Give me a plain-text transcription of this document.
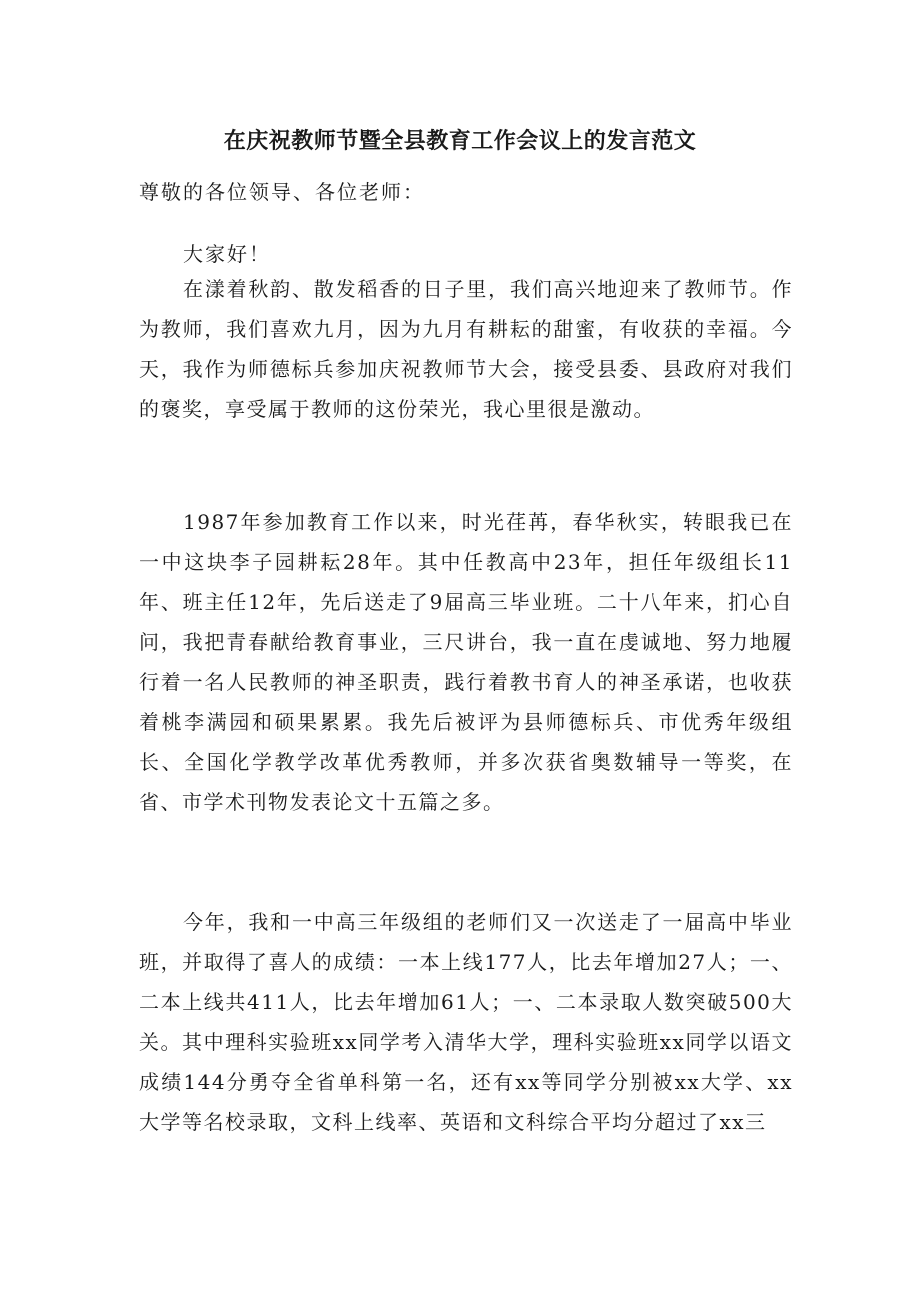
在庆祝教师节暨全县教育工作会议上的发言范文

尊敬的各位领导、各位老师：

大家好！

在漾着秋韵、散发稻香的日子里，我们高兴地迎来了教师节。作为教师，我们喜欢九月，因为九月有耕耘的甜蜜，有收获的幸福。今天，我作为师德标兵参加庆祝教师节大会，接受县委、县政府对我们的褒奖，享受属于教师的这份荣光，我心里很是激动。

1987年参加教育工作以来，时光荏苒，春华秋实，转眼我已在一中这块李子园耕耘28年。其中任教高中23年，担任年级组长11年、班主任12年，先后送走了9届高三毕业班。二十八年来，扪心自问，我把青春献给教育事业，三尺讲台，我一直在虔诚地、努力地履行着一名人民教师的神圣职责，践行着教书育人的神圣承诺，也收获着桃李满园和硕果累累。我先后被评为县师德标兵、市优秀年级组长、全国化学教学改革优秀教师，并多次获省奥数辅导一等奖，在省、市学术刊物发表论文十五篇之多。

今年，我和一中高三年级组的老师们又一次送走了一届高中毕业班，并取得了喜人的成绩：一本上线177人，比去年增加27人；一、二本上线共411人，比去年增加61人；一、二本录取人数突破500大关。其中理科实验班xx同学考入清华大学，理科实验班xx同学以语文成绩144分勇夺全省单科第一名，还有xx等同学分别被xx大学、xx大学等名校录取，文科上线率、英语和文科综合平均分超过了xx三
